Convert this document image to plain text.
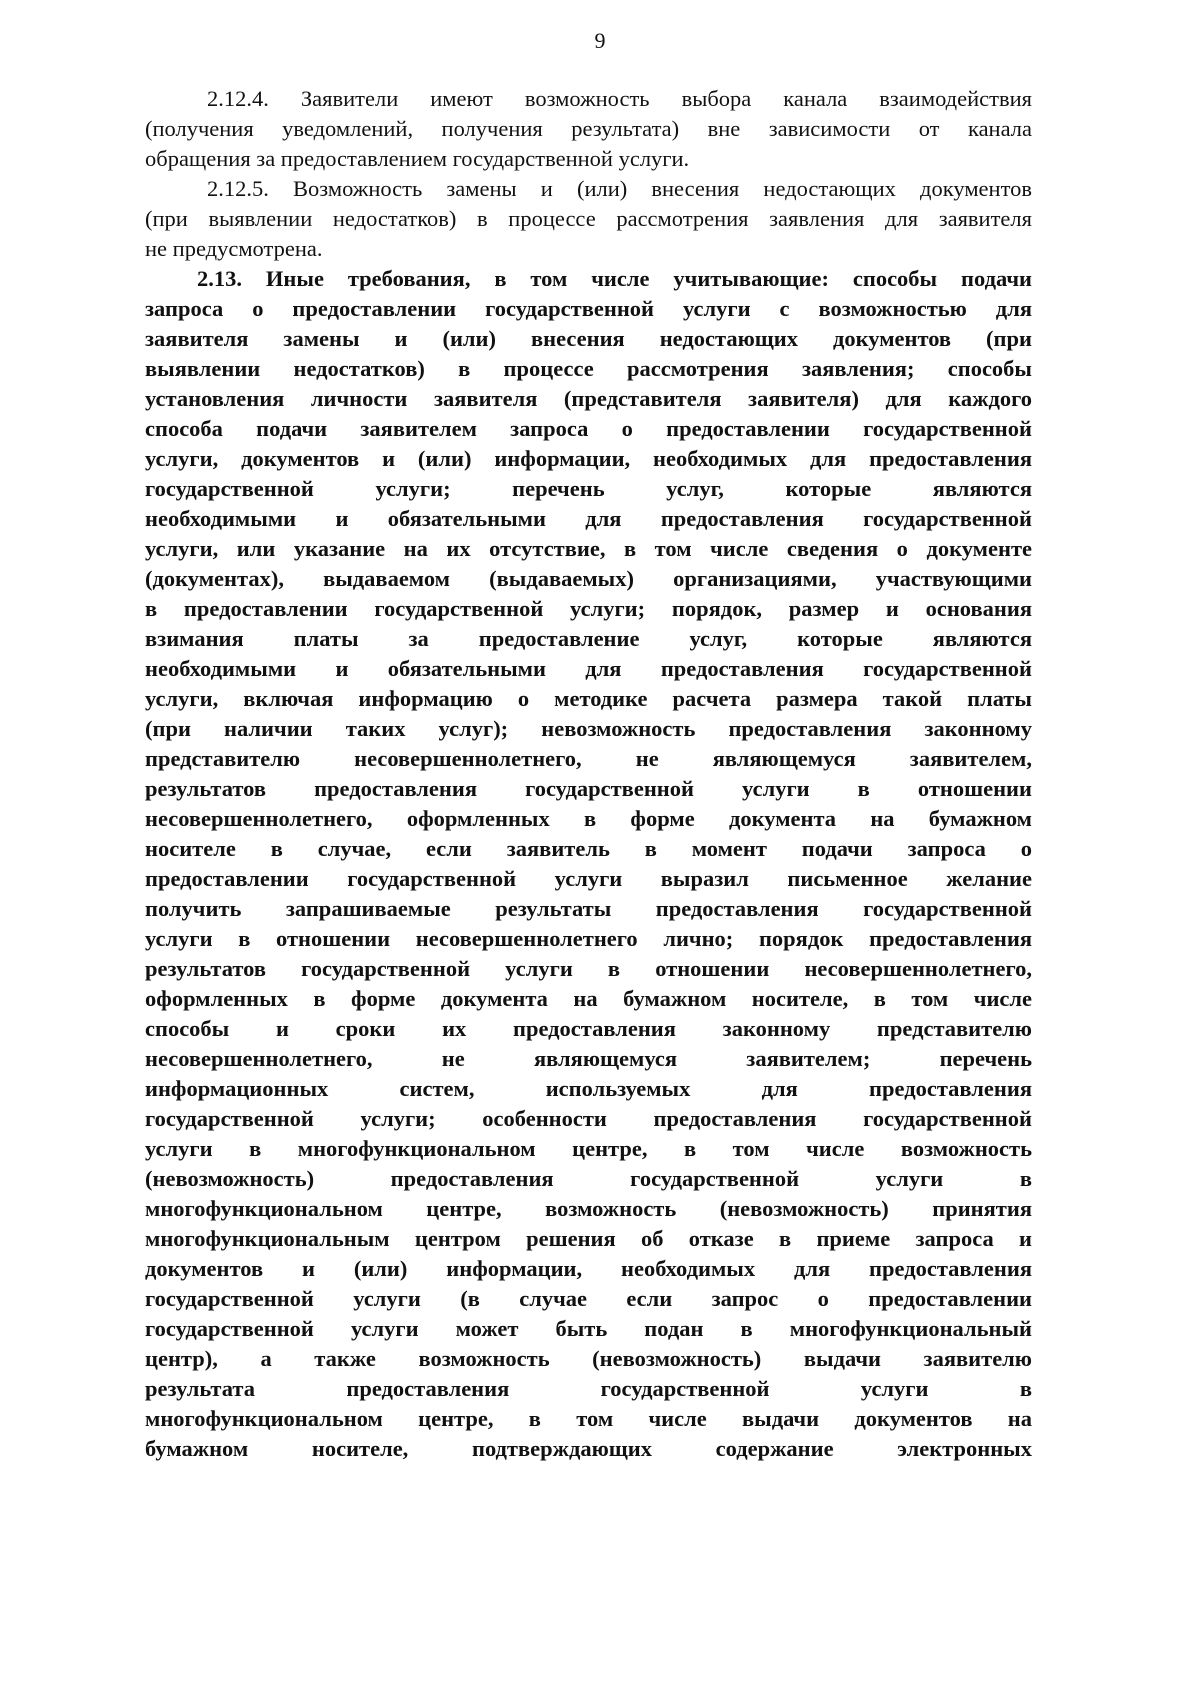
9
2.12.4. Заявители имеют возможность выбора канала взаимодействия
(получения уведомлений, получения результата) вне зависимости от канала
обращения за предоставлением государственной услуги.
2.12.5. Возможность замены и (или) внесения недостающих документов
(при выявлении недостатков) в процессе рассмотрения заявления для заявителя
не предусмотрена.
2.13. Иные требования, в том числе учитывающие: способы подачи
запроса о предоставлении государственной услуги с возможностью для
заявителя замены и (или) внесения недостающих документов (при
выявлении недостатков) в процессе рассмотрения заявления; способы
установления личности заявителя (представителя заявителя) для каждого
способа подачи заявителем запроса о предоставлении государственной
услуги, документов и (или) информации, необходимых для предоставления
государственной услуги; перечень услуг, которые являются
необходимыми и обязательными для предоставления государственной
услуги, или указание на их отсутствие, в том числе сведения о документе
(документах), выдаваемом (выдаваемых) организациями, участвующими
в предоставлении государственной услуги; порядок, размер и основания
взимания платы за предоставление услуг, которые являются
необходимыми и обязательными для предоставления государственной
услуги, включая информацию о методике расчета размера такой платы
(при наличии таких услуг); невозможность предоставления законному
представителю несовершеннолетнего, не являющемуся заявителем,
результатов предоставления государственной услуги в отношении
несовершеннолетнего, оформленных в форме документа на бумажном
носителе в случае, если заявитель в момент подачи запроса о
предоставлении государственной услуги выразил письменное желание
получить запрашиваемые результаты предоставления государственной
услуги в отношении несовершеннолетнего лично; порядок предоставления
результатов государственной услуги в отношении несовершеннолетнего,
оформленных в форме документа на бумажном носителе, в том числе
способы и сроки их предоставления законному представителю
несовершеннолетнего, не являющемуся заявителем; перечень
информационных систем, используемых для предоставления
государственной услуги; особенности предоставления государственной
услуги в многофункциональном центре, в том числе возможность
(невозможность) предоставления государственной услуги в
многофункциональном центре, возможность (невозможность) принятия
многофункциональным центром решения об отказе в приеме запроса и
документов и (или) информации, необходимых для предоставления
государственной услуги (в случае если запрос о предоставлении
государственной услуги может быть подан в многофункциональный
центр), а также возможность (невозможность) выдачи заявителю
результата предоставления государственной услуги в
многофункциональном центре, в том числе выдачи документов на
бумажном носителе, подтверждающих содержание электронных
